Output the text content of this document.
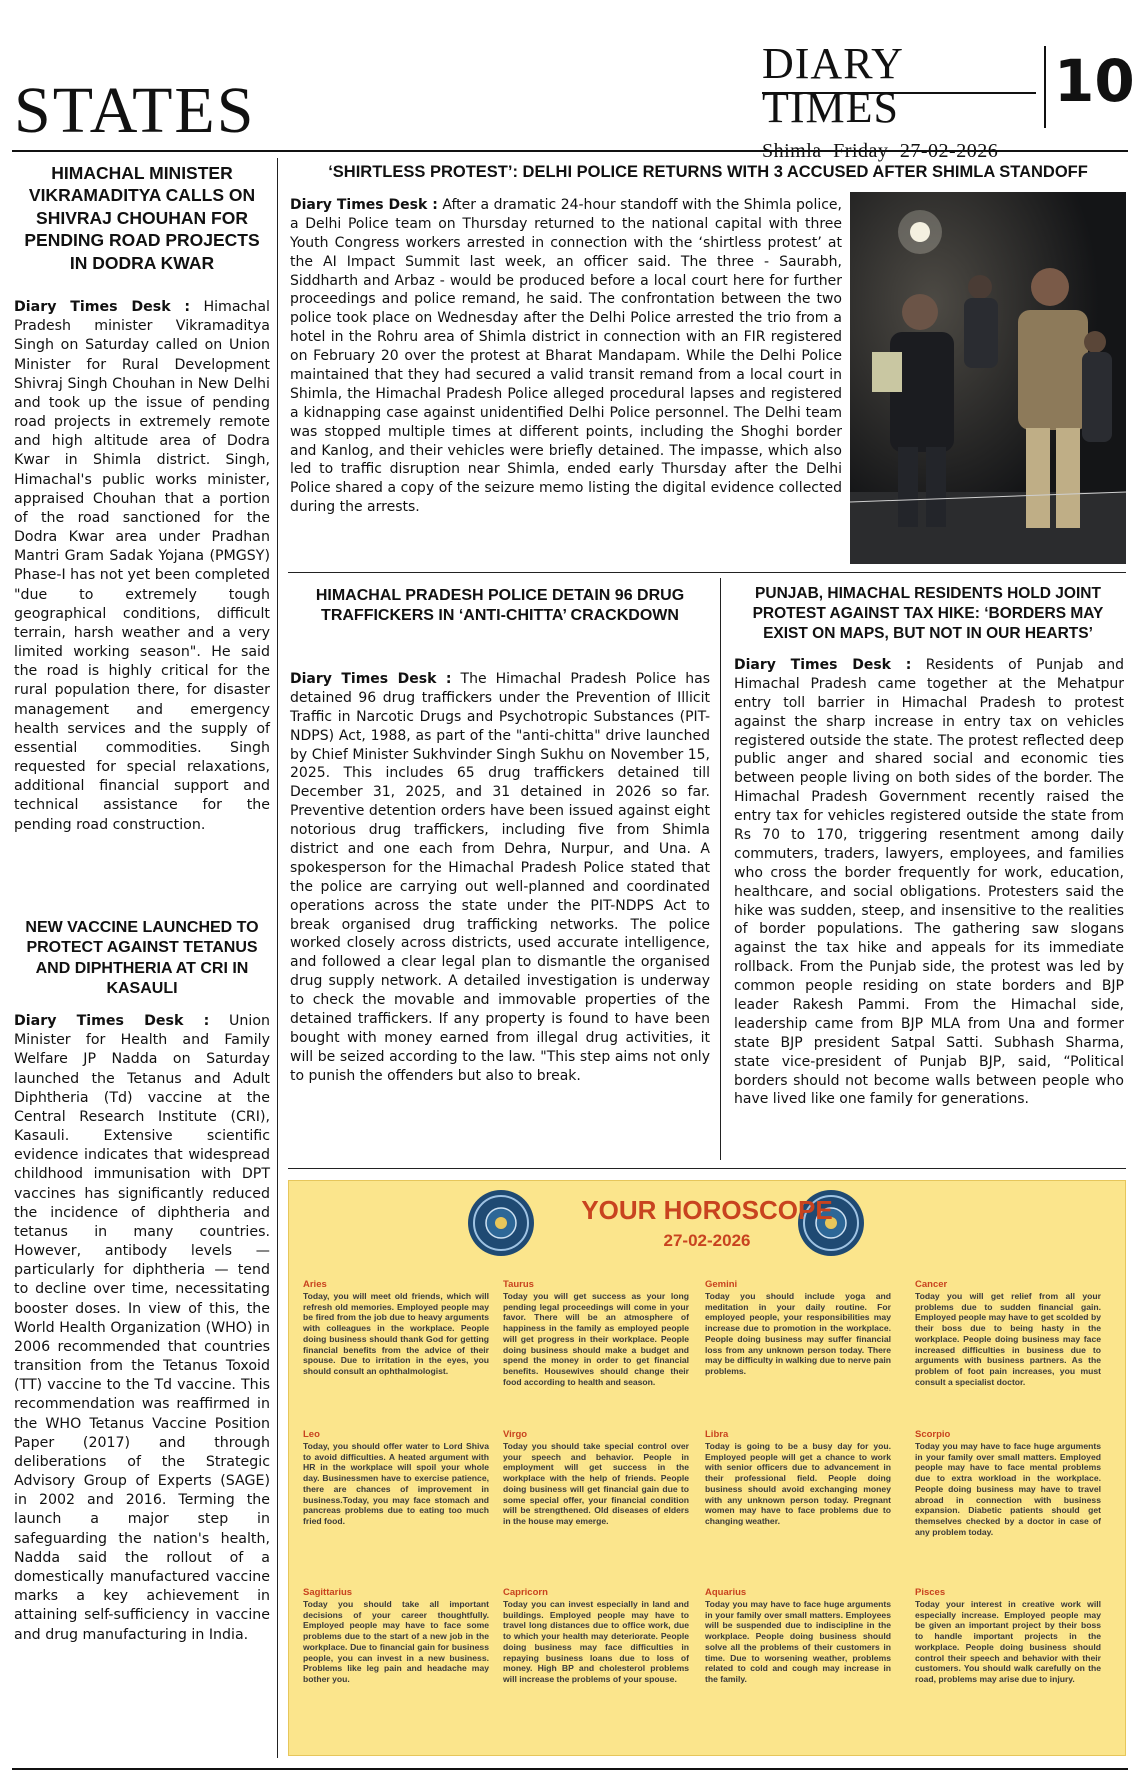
STATES
DIARY TIMES
Shimla Friday 27-02-2026
10
HIMACHAL MINISTER VIKRAMADITYA CALLS ON SHIVRAJ CHOUHAN FOR PENDING ROAD PROJECTS IN DODRA KWAR

Diary Times Desk : Himachal Pradesh minister Vikramaditya Singh on Saturday called on Union Minister for Rural Development Shivraj Singh Chouhan in New Delhi and took up the issue of pending road projects in extremely remote and high altitude area of Dodra Kwar in Shimla district. Singh, Himachal's public works minister, appraised Chouhan that a portion of the road sanctioned for the Dodra Kwar area under Pradhan Mantri Gram Sadak Yojana (PMGSY) Phase-I has not yet been completed "due to extremely tough geographical conditions, difficult terrain, harsh weather and a very limited working season". He said the road is highly critical for the rural population there, for disaster management and emergency health services and the supply of essential commodities. Singh requested for special relaxations, additional financial support and technical assistance for the pending road construction.

NEW VACCINE LAUNCHED TO PROTECT AGAINST TETANUS AND DIPHTHERIA AT CRI IN KASAULI

Diary Times Desk : Union Minister for Health and Family Welfare JP Nadda on Saturday launched the Tetanus and Adult Diphtheria (Td) vaccine at the Central Research Institute (CRI), Kasauli. Extensive scientific evidence indicates that widespread childhood immunisation with DPT vaccines has significantly reduced the incidence of diphtheria and tetanus in many countries. However, antibody levels — particularly for diphtheria — tend to decline over time, necessitating booster doses. In view of this, the World Health Organization (WHO) in 2006 recommended that countries transition from the Tetanus Toxoid (TT) vaccine to the Td vaccine. This recommendation was reaffirmed in the WHO Tetanus Vaccine Position Paper (2017) and through deliberations of the Strategic Advisory Group of Experts (SAGE) in 2002 and 2016. Terming the launch a major step in safeguarding the nation's health, Nadda said the rollout of a domestically manufactured vaccine marks a key achievement in attaining self-sufficiency in vaccine and drug manufacturing in India.

‘SHIRTLESS PROTEST’: DELHI POLICE RETURNS WITH 3 ACCUSED AFTER SHIMLA STANDOFF

Diary Times Desk : After a dramatic 24-hour standoff with the Shimla police, a Delhi Police team on Thursday returned to the national capital with three Youth Congress workers arrested in connection with the ‘shirtless protest’ at the AI Impact Summit last week, an officer said. The three - Saurabh, Siddharth and Arbaz - would be produced before a local court here for further proceedings and police remand, he said. The confrontation between the two police took place on Wednesday after the Delhi Police arrested the trio from a hotel in the Rohru area of Shimla district in connection with an FIR registered on February 20 over the protest at Bharat Mandapam. While the Delhi Police maintained that they had secured a valid transit remand from a local court in Shimla, the Himachal Pradesh Police alleged procedural lapses and registered a kidnapping case against unidentified Delhi Police personnel. The Delhi team was stopped multiple times at different points, including the Shoghi border and Kanlog, and their vehicles were briefly detained. The impasse, which also led to traffic disruption near Shimla, ended early Thursday after the Delhi Police shared a copy of the seizure memo listing the digital evidence collected during the arrests.

HIMACHAL PRADESH POLICE DETAIN 96 DRUG TRAFFICKERS IN ‘ANTI-CHITTA’ CRACKDOWN

Diary Times Desk : The Himachal Pradesh Police has detained 96 drug traffickers under the Prevention of Illicit Traffic in Narcotic Drugs and Psychotropic Substances (PIT-NDPS) Act, 1988, as part of the "anti-chitta" drive launched by Chief Minister Sukhvinder Singh Sukhu on November 15, 2025. This includes 65 drug traffickers detained till December 31, 2025, and 31 detained in 2026 so far. Preventive detention orders have been issued against eight notorious drug traffickers, including five from Shimla district and one each from Dehra, Nurpur, and Una. A spokesperson for the Himachal Pradesh Police stated that the police are carrying out well-planned and coordinated operations across the state under the PIT-NDPS Act to break organised drug trafficking networks. The police worked closely across districts, used accurate intelligence, and followed a clear legal plan to dismantle the organised drug supply network. A detailed investigation is underway to check the movable and immovable properties of the detained traffickers. If any property is found to have been bought with money earned from illegal drug activities, it will be seized according to the law. "This step aims not only to punish the offenders but also to break.

PUNJAB, HIMACHAL RESIDENTS HOLD JOINT PROTEST AGAINST TAX HIKE: ‘BORDERS MAY EXIST ON MAPS, BUT NOT IN OUR HEARTS’

Diary Times Desk : Residents of Punjab and Himachal Pradesh came together at the Mehatpur entry toll barrier in Himachal Pradesh to protest against the sharp increase in entry tax on vehicles registered outside the state. The protest reflected deep public anger and shared social and economic ties between people living on both sides of the border. The Himachal Pradesh Government recently raised the entry tax for vehicles registered outside the state from Rs 70 to 170, triggering resentment among daily commuters, traders, lawyers, employees, and families who cross the border frequently for work, education, healthcare, and social obligations. Protesters said the hike was sudden, steep, and insensitive to the realities of border populations. The gathering saw slogans against the tax hike and appeals for its immediate rollback. From the Punjab side, the protest was led by common people residing on state borders and BJP leader Rakesh Pammi. From the Himachal side, leadership came from BJP MLA from Una and former state BJP president Satpal Satti. Subhash Sharma, state vice-president of Punjab BJP, said, “Political borders should not become walls between people who have lived like one family for generations.

YOUR HOROSCOPE
27-02-2026
Aries
Today, you will meet old friends, which will refresh old memories. Employed people may be fired from the job due to heavy arguments with colleagues in the workplace. People doing business should thank God for getting financial benefits from the advice of their spouse. Due to irritation in the eyes, you should consult an ophthalmologist.
Taurus
Today you will get success as your long pending legal proceedings will come in your favor. There will be an atmosphere of happiness in the family as employed people will get progress in their workplace. People doing business should make a budget and spend the money in order to get financial benefits. Housewives should change their food according to health and season.
Gemini
Today you should include yoga and meditation in your daily routine. For employed people, your responsibilities may increase due to promotion in the workplace. People doing business may suffer financial loss from any unknown person today. There may be difficulty in walking due to nerve pain problems.
Cancer
Today you will get relief from all your problems due to sudden financial gain. Employed people may have to get scolded by their boss due to being hasty in the workplace. People doing business may face increased difficulties in business due to arguments with business partners. As the problem of foot pain increases, you must consult a specialist doctor.
Leo
Today, you should offer water to Lord Shiva to avoid difficulties. A heated argument with HR in the workplace will spoil your whole day. Businessmen have to exercise patience, there are chances of improvement in business.Today, you may face stomach and pancreas problems due to eating too much fried food.
Virgo
Today you should take special control over your speech and behavior. People in employment will get success in the workplace with the help of friends. People doing business will get financial gain due to some special offer, your financial condition will be strengthened. Old diseases of elders in the house may emerge.
Libra
Today is going to be a busy day for you. Employed people will get a chance to work with senior officers due to advancement in their professional field. People doing business should avoid exchanging money with any unknown person today. Pregnant women may have to face problems due to changing weather.
Scorpio
Today you may have to face huge arguments in your family over small matters. Employed people may have to face mental problems due to extra workload in the workplace. People doing business may have to travel abroad in connection with business expansion. Diabetic patients should get themselves checked by a doctor in case of any problem today.
Sagittarius
Today you should take all important decisions of your career thoughtfully. Employed people may have to face some problems due to the start of a new job in the workplace. Due to financial gain for business people, you can invest in a new business. Problems like leg pain and headache may bother you.
Capricorn
Today you can invest especially in land and buildings. Employed people may have to travel long distances due to office work, due to which your health may deteriorate. People doing business may face difficulties in repaying business loans due to loss of money. High BP and cholesterol problems will increase the problems of your spouse.
Aquarius
Today you may have to face huge arguments in your family over small matters. Employees will be suspended due to indiscipline in the workplace. People doing business should solve all the problems of their customers in time. Due to worsening weather, problems related to cold and cough may increase in the family.
Pisces
Today your interest in creative work will especially increase. Employed people may be given an important project by their boss to handle important projects in the workplace. People doing business should control their speech and behavior with their customers. You should walk carefully on the road, problems may arise due to injury.
